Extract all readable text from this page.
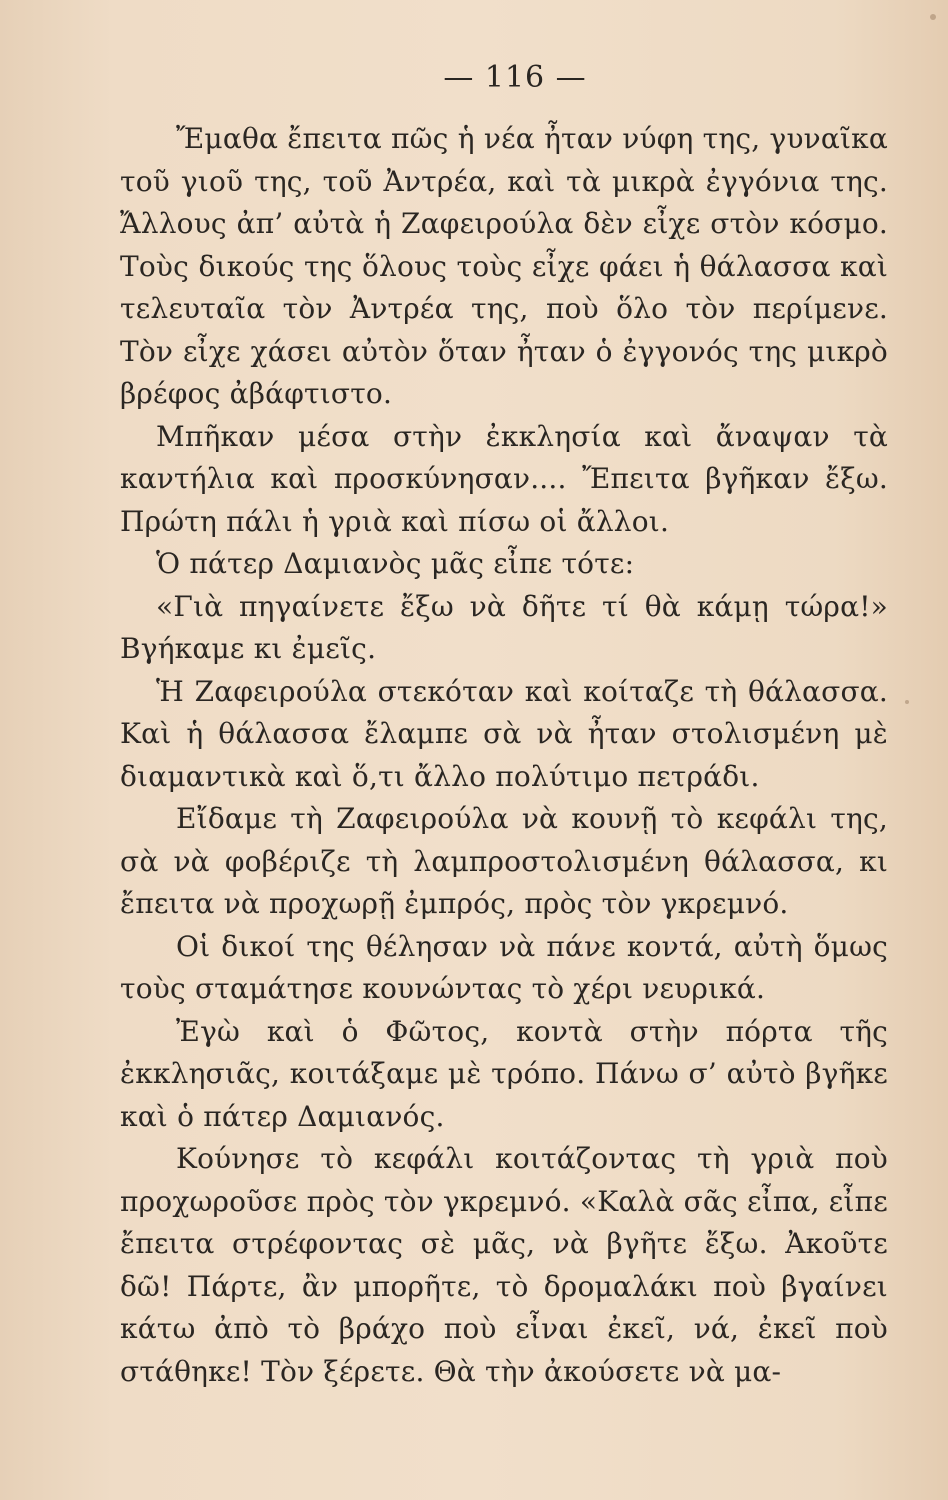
— 116 —

Ἔμαθα ἔπειτα πῶς ἡ νέα ἦταν νύφη της, γυναῖκα τοῦ γιοῦ της, τοῦ Ἀντρέα, καὶ τὰ μικρὰ ἐγγόνια της. Ἄλλους ἀπ’ αὐτὰ ἡ Ζαφειρούλα δὲν εἶχε στὸν κόσμο. Τοὺς δικούς της ὅλους τοὺς εἶχε φάει ἡ θάλασσα καὶ τελευταῖα τὸν Ἀντρέα της, ποὺ ὅλο τὸν περίμενε. Τὸν εἶχε χάσει αὐτὸν ὅταν ἦταν ὁ ἐγγονός της μικρὸ βρέφος ἀβάφτιστο.

Μπῆκαν μέσα στὴν ἐκκλησία καὶ ἄναψαν τὰ καντήλια καὶ προσκύνησαν.... Ἔπειτα βγῆκαν ἔξω. Πρώτη πάλι ἡ γριὰ καὶ πίσω οἱ ἄλλοι.

Ὁ πάτερ Δαμιανὸς μᾶς εἶπε τότε:

«Γιὰ πηγαίνετε ἔξω νὰ δῆτε τί θὰ κάμῃ τώρα!» Βγήκαμε κι ἐμεῖς.

Ἡ Ζαφειρούλα στεκόταν καὶ κοίταζε τὴ θάλασσα. Καὶ ἡ θάλασσα ἔλαμπε σὰ νὰ ἦταν στολισμένη μὲ διαμαντικὰ καὶ ὅ,τι ἄλλο πολύτιμο πετράδι.

Εἴδαμε τὴ Ζαφειρούλα νὰ κουνῇ τὸ κεφάλι της, σὰ νὰ φοβέριζε τὴ λαμπροστολισμένη θάλασσα, κι ἔπειτα νὰ προχωρῇ ἐμπρός, πρὸς τὸν γκρεμνό.

Οἱ δικοί της θέλησαν νὰ πάνε κοντά, αὐτὴ ὅμως τοὺς σταμάτησε κουνώντας τὸ χέρι νευρικά.

Ἐγὼ καὶ ὁ Φῶτος, κοντὰ στὴν πόρτα τῆς ἐκκλησιᾶς, κοιτάξαμε μὲ τρόπο. Πάνω σ’ αὐτὸ βγῆκε καὶ ὁ πάτερ Δαμιανός.

Κούνησε τὸ κεφάλι κοιτάζοντας τὴ γριὰ ποὺ προχωροῦσε πρὸς τὸν γκρεμνό. «Καλὰ σᾶς εἶπα, εἶπε ἔπειτα στρέφοντας σὲ μᾶς, νὰ βγῆτε ἔξω. Ἀκοῦτε δῶ! Πάρτε, ἂν μπορῆτε, τὸ δρομαλάκι ποὺ βγαίνει κάτω ἀπὸ τὸ βράχο ποὺ εἶναι ἐκεῖ, νά, ἐκεῖ ποὺ στάθηκε! Τὸν ξέρετε. Θὰ τὴν ἀκούσετε νὰ μα-
